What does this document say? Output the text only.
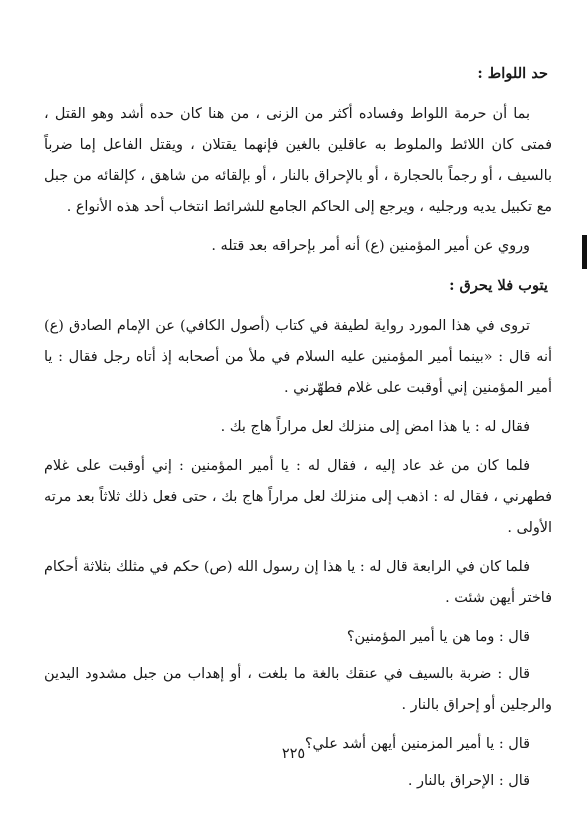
حد اللواط :

بما أن حرمة اللواط وفساده أكثر من الزنى ، من هنا كان حده أشد وهو القتل ، فمتى كان اللائط والملوط به عاقلين بالغين فإنهما يقتلان ، ويقتل الفاعل إما ضرباً بالسيف ، أو رجماً بالحجارة ، أو بالإحراق بالنار ، أو بإلقائه من شاهق ، كإلقائه من جبل مع تكبيل يديه ورجليه ، ويرجع إلى الحاكم الجامع للشرائط انتخاب أحد هذه الأنواع .

وروي عن أمير المؤمنين (ع) أنه أمر بإحراقه بعد قتله .

يتوب فلا يحرق :

تروى في هذا المورد رواية لطيفة في كتاب (أصول الكافي) عن الإمام الصادق (ع) أنه قال : «بينما أمير المؤمنين عليه السلام في ملأ من أصحابه إذ أتاه رجل فقال : يا أمير المؤمنين إني أوقبت على غلام فطهّرني .

فقال له : يا هذا امض إلى منزلك لعل مراراً هاج بك .

فلما كان من غد عاد إليه ، فقال له : يا أمير المؤمنين : إني أوقبت على غلام فطهرني ، فقال له : اذهب إلى منزلك لعل مراراً هاج بك ، حتى فعل ذلك ثلاثاً بعد مرته الأولى .

فلما كان في الرابعة قال له : يا هذا إن رسول الله (ص) حكم في مثلك بثلاثة أحكام فاختر أيهن شئت .

قال : وما هن يا أمير المؤمنين؟

قال : ضربة بالسيف في عنقك بالغة ما بلغت ، أو إهداب من جبل مشدود اليدين والرجلين أو إحراق بالنار .

قال : يا أمير المزمنين أيهن أشد علي؟

قال : الإحراق بالنار .

٢٢٥
